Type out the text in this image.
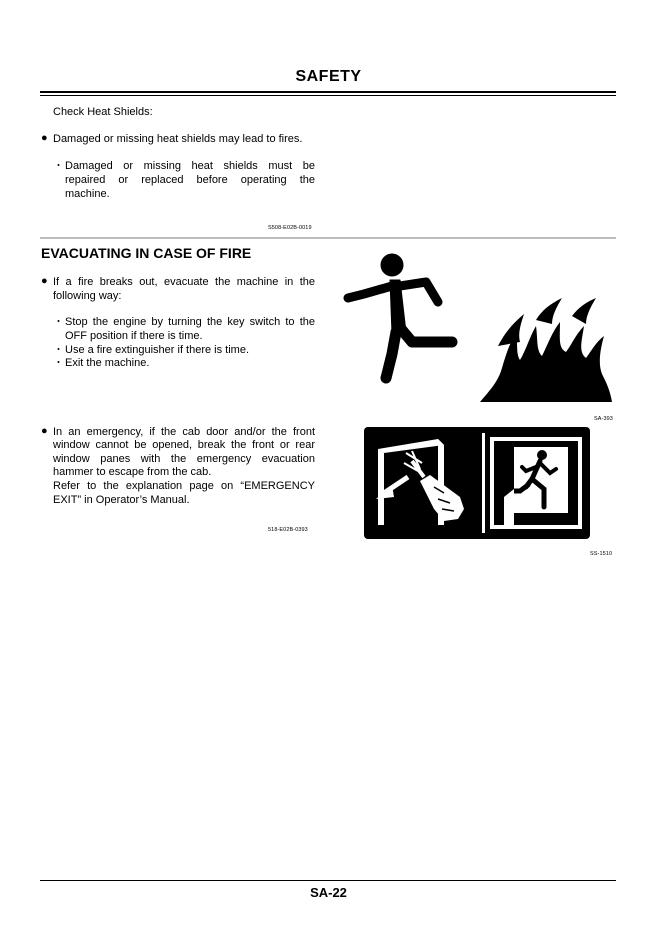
SAFETY
Check Heat Shields:
● Damaged or missing heat shields may lead to fires.
・ Damaged or missing heat shields must be
repaired or replaced before operating the
machine.
S508-E02B-0019
EVACUATING IN CASE OF FIRE
● If a fire breaks out, evacuate the machine in the
following way:
・ Stop the engine by turning the key switch to the
OFF position if there is time.
・ Use a fire extinguisher if there is time.
・ Exit the machine.
SA-393
● In an emergency, if the cab door and/or the front
window cannot be opened, break the front or rear
window panes with the emergency evacuation
hammer to escape from the cab.
Refer to the explanation page on “EMERGENCY
EXIT” in Operator’s Manual.
518-E02B-0393
SS-1510
SA-22
